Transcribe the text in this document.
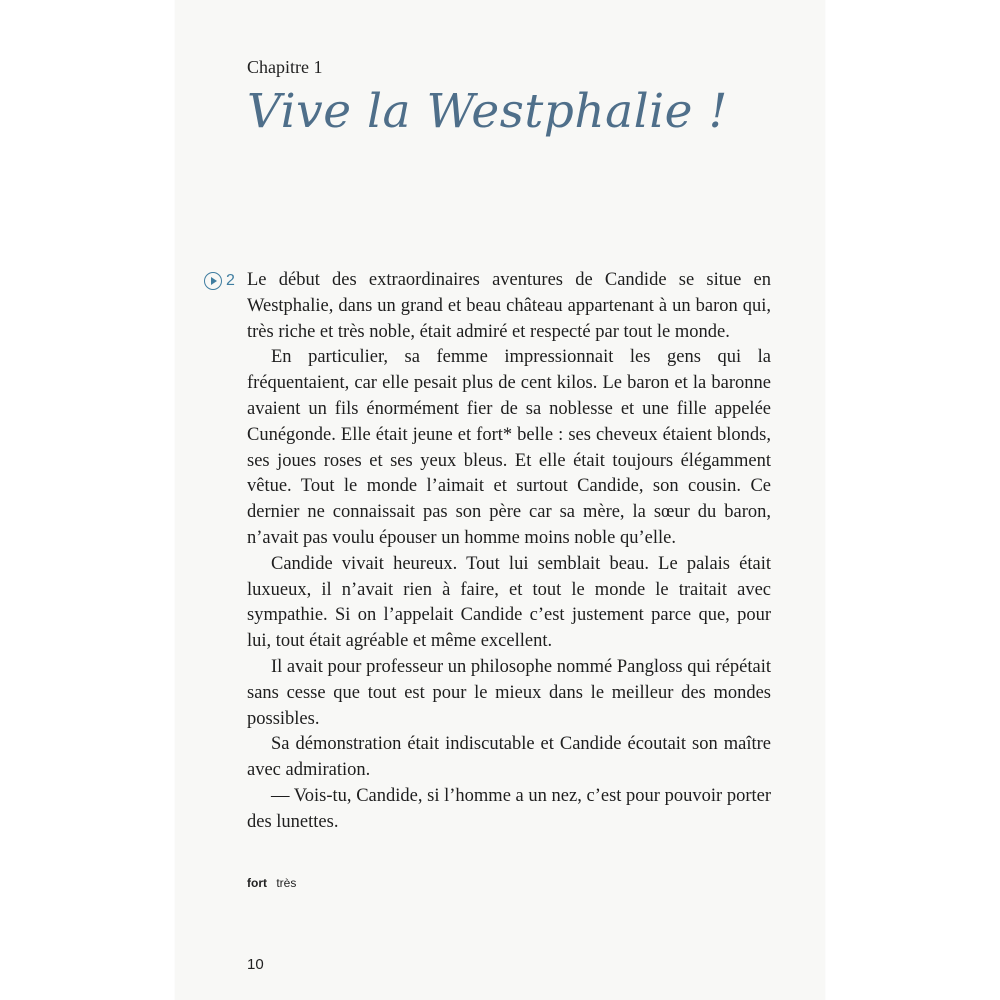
Chapitre 1
Vive la Westphalie !
2 Le début des extraordinaires aventures de Candide se situe en Westphalie, dans un grand et beau château appartenant à un baron qui, très riche et très noble, était admiré et respecté par tout le monde.

En particulier, sa femme impressionnait les gens qui la fréquentaient, car elle pesait plus de cent kilos. Le baron et la baronne avaient un fils énormément fier de sa noblesse et une fille appelée Cunégonde. Elle était jeune et fort* belle : ses cheveux étaient blonds, ses joues roses et ses yeux bleus. Et elle était toujours élégamment vêtue. Tout le monde l’aimait et surtout Candide, son cousin. Ce dernier ne connaissait pas son père car sa mère, la sœur du baron, n’avait pas voulu épouser un homme moins noble qu’elle.

Candide vivait heureux. Tout lui semblait beau. Le palais était luxueux, il n’avait rien à faire, et tout le monde le traitait avec sympathie. Si on l’appelait Candide c’est justement parce que, pour lui, tout était agréable et même excellent.

Il avait pour professeur un philosophe nommé Pangloss qui répétait sans cesse que tout est pour le mieux dans le meilleur des mondes possibles.

Sa démonstration était indiscutable et Candide écoutait son maître avec admiration.

— Vois-tu, Candide, si l’homme a un nez, c’est pour pouvoir porter des lunettes.

fort très
10
